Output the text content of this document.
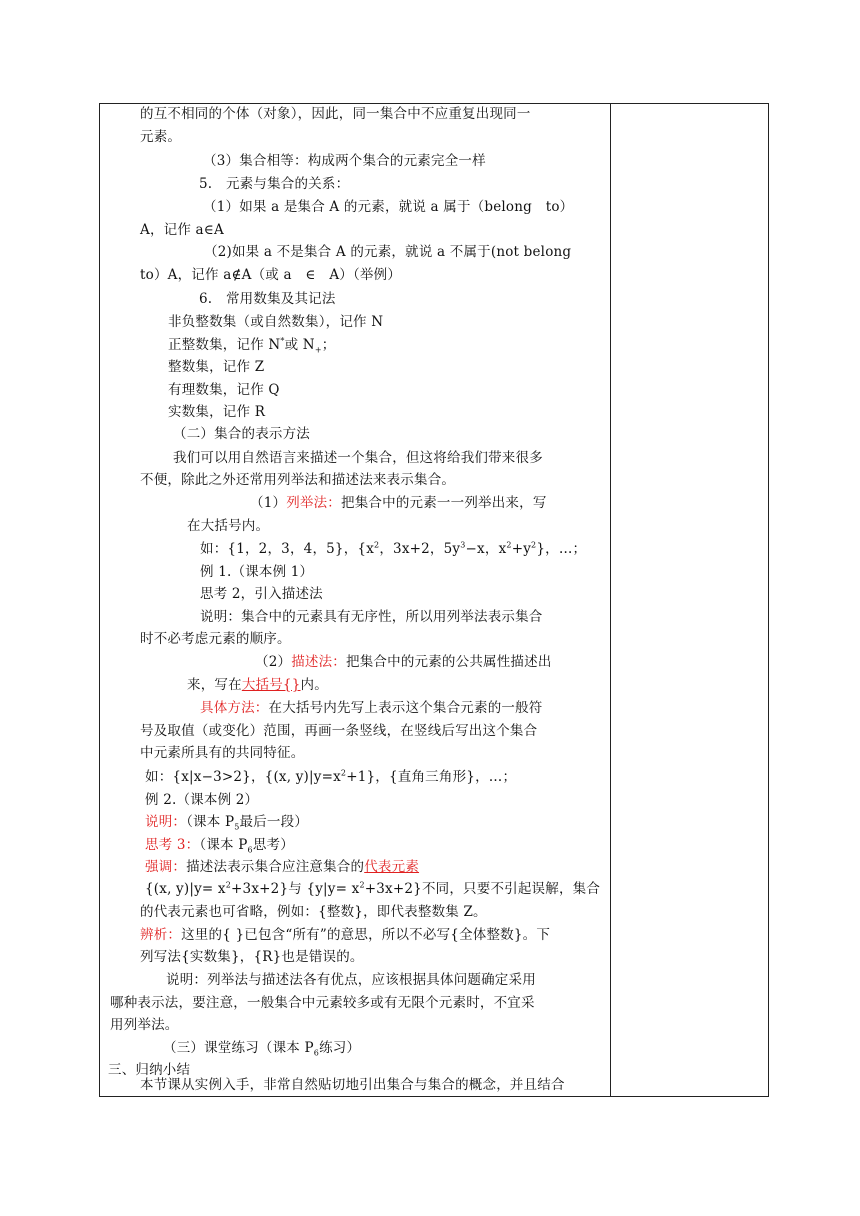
的互不相同的个体（对象），因此，同一集合中不应重复出现同一
元素。
（3）集合相等：构成两个集合的元素完全一样
5.　元素与集合的关系：
（1）如果 a 是集合 A 的元素，就说 a 属于（belong　to）
A，记作 a∈A
（2)如果 a 不是集合 A 的元素，就说 a 不属于(not belong
to）A，记作 a∉A（或 a　∈　A）（举例）
6.　常用数集及其记法
非负整数集（或自然数集），记作 N
正整数集，记作 N*或 $N_+$；
整数集，记作 Z
有理数集，记作 Q
实数集，记作 R
（二）集合的表示方法
我们可以用自然语言来描述一个集合，但这将给我们带来很多
不便，除此之外还常用列举法和描述法来表示集合。
（1）列举法：把集合中的元素一一列举出来，写
在大括号内。
如：{1，2，3，4，5}，{$x^2$，3x+2，$5y^3-x$，$x^2+y^2$}，…；
例 1.（课本例 1）
思考 2，引入描述法
说明：集合中的元素具有无序性，所以用列举法表示集合
时不必考虑元素的顺序。
（2）描述法：把集合中的元素的公共属性描述出
来，写在大括号{}内。
具体方法：在大括号内先写上表示这个集合元素的一般符
号及取值（或变化）范围，再画一条竖线，在竖线后写出这个集合
中元素所具有的共同特征。
如：{x|x−3>2}，{(x, $y)|y=x^2+1$}，{直角三角形}，…；
例 2.（课本例 2）
说明：（课本 $P_5$最后一段）
思考 3：（课本 $P_6$思考）
强调：描述法表示集合应注意集合的代表元素
{(x, $y)|y= x^2+3x+2$}与 $\{y|y= x^2+3x+2\}$不同，只要不引起误解，集合
的代表元素也可省略，例如：{整数}，即代表整数集 Z。
辨析：这里的{ }已包含“所有”的意思，所以不必写{全体整数}。下
列写法{实数集}，{R}也是错误的。
说明：列举法与描述法各有优点，应该根据具体问题确定采用
哪种表示法，要注意，一般集合中元素较多或有无限个元素时，不宜采
用列举法。
（三）课堂练习（课本 $P_6$练习）
三、归纳小结
本节课从实例入手，非常自然贴切地引出集合与集合的概念，并且结合
